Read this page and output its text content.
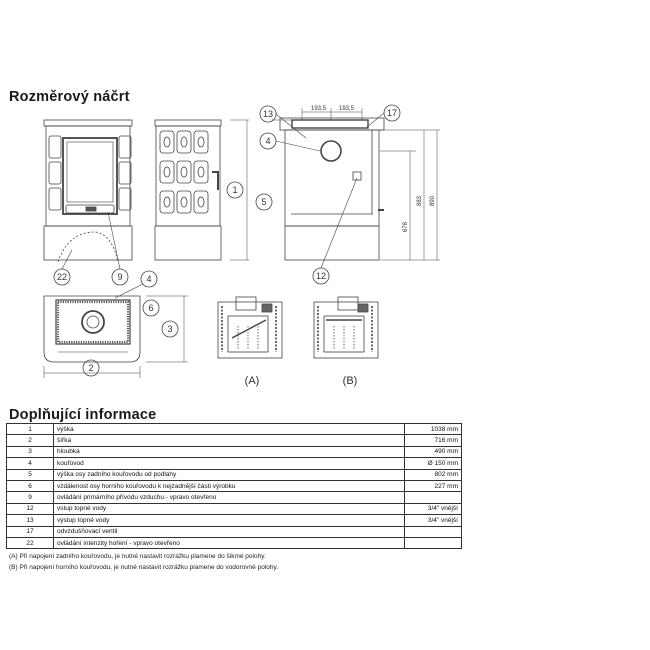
Rozměrový náčrt
1
2
3
4
4
5
6
9	12
13	17
22
193,5 193,5
678
883 890
(A)	(B)
Doplňující informace
1	výška	1038 mm
2	šířka	716 mm
3	hloubka	490 mm
4	kouřovod	Ø 150 mm
5	výška osy zadního kouřovodu od podlahy	802 mm
6	vzdálenost osy horního kouřovodu k nejzadnější části výrobku	227 mm
9	ovládání primárního přívodu vzduchu - vpravo otevřeno	
12	vstup topné vody	3/4" vnější
13	výstup topné vody	3/4" vnější
17	odvzdušňovací ventil	
22	ovládání intenzity hoření - vpravo otevřeno	
(A) Při napojení zadního kouřovodu, je nutné nastavit rozrážku plamene do šikmé polohy.
(B) Při napojení horního kouřovodu, je nutné nastavit rozrážku plamene do vodorovné polohy.
